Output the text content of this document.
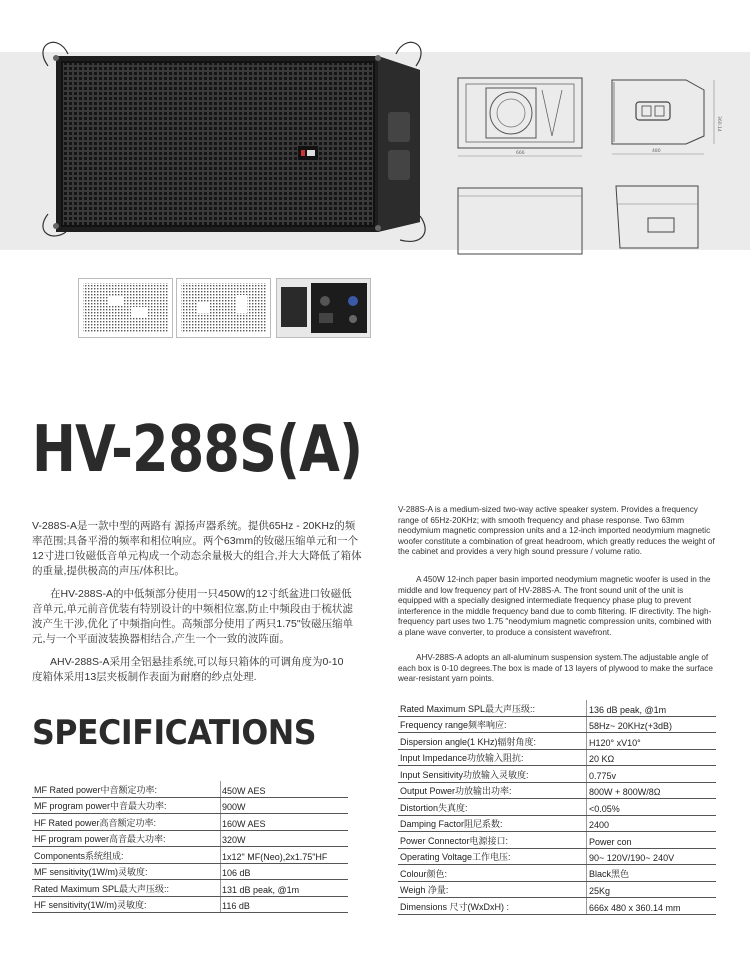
666	480
360.14
HV-288S(A)
V-288S-A是一款中型的两路有 源扬声器系统。提供65Hz - 20KHz的频率范围;具备平滑的频率和相位响应。两个63mm的钕磁压缩单元和一个12寸进口钕磁低音单元构成一个动态余量极大的组合,并大大降低了箱体的重量,提供极高的声压/体积比。
在HV-288S-A的中低频部分使用一只450W的12寸纸盆进口钕磁低音单元,单元前音优装有特别设计的中频相位塞,防止中频段由于梳状滤波产生干涉,优化了中频指向性。高频部分使用了两只1.75"钕磁压缩单元,与一个平面波装换器相结合,产生一个一致的波阵面。
AHV-288S-A采用全铝悬挂系统,可以每只箱体的可调角度为0-10度箱体采用13层夹板制作表面为耐磨的纱点处理.
V-288S-A is a medium-sized two-way active speaker system. Provides a frequency range of 65Hz-20KHz; with smooth frequency and phase response. Two 63mm neodymium magnetic compression units and a 12-inch imported neodymium magnetic woofer constitute a combination of great headroom, which greatly reduces the weight of the cabinet and provides a very high sound pressure / volume ratio.
A 450W 12-inch paper basin imported neodymium magnetic woofer is used in the middle and low frequency part of HV-288S-A. The front sound unit of the unit is equipped with a specially designed intermediate frequency phase plug to prevent interference in the middle frequency band due to comb filtering. IF directivity. The high-frequency part uses two 1.75 "neodymium magnetic compression units, combined with a plane wave converter, to produce a consistent wavefront.
AHV-288S-A adopts an all-aluminum suspension system.The adjustable angle of each box is 0-10 degrees.The box is made of 13 layers of plywood to make the surface wear-resistant yarn points.
SPECIFICATIONS
MF Rated power中音额定功率:	450W AES
MF program power中音最大功率:	900W
HF Rated power高音额定功率:	160W AES
HF program power高音最大功率:	320W
Components系统组成:	1x12" MF(Neo),2x1.75"HF
MF sensitivity(1W/m)灵敏度:	106 dB
Rated Maximum SPL最大声压级::	131 dB peak, @1m
HF sensitivity(1W/m)灵敏度:	116 dB
Rated Maximum SPL最大声压级::	136 dB peak, @1m
Frequency range频率响应:	58Hz~ 20KHz(+3dB)
Dispersion angle(1 KHz)辐射角度:	H120° xV10°
Input Impedance功放输入阻抗:	20 KΩ
Input Sensitivity功放输入灵敏度:	0.775v
Output Power功放输出功率:	800W + 800W/8Ω
Distortion失真度:	<0.05%
Damping Factor阻尼系数:	2400
Power Connector电源接口:	Power con
Operating Voltage工作电压:	90~ 120V/190~ 240V
Colour颜色:	Black黑色
Weigh 净量:	25Kg
Dimensions 尺寸(WxDxH) :	666x 480 x 360.14 mm
